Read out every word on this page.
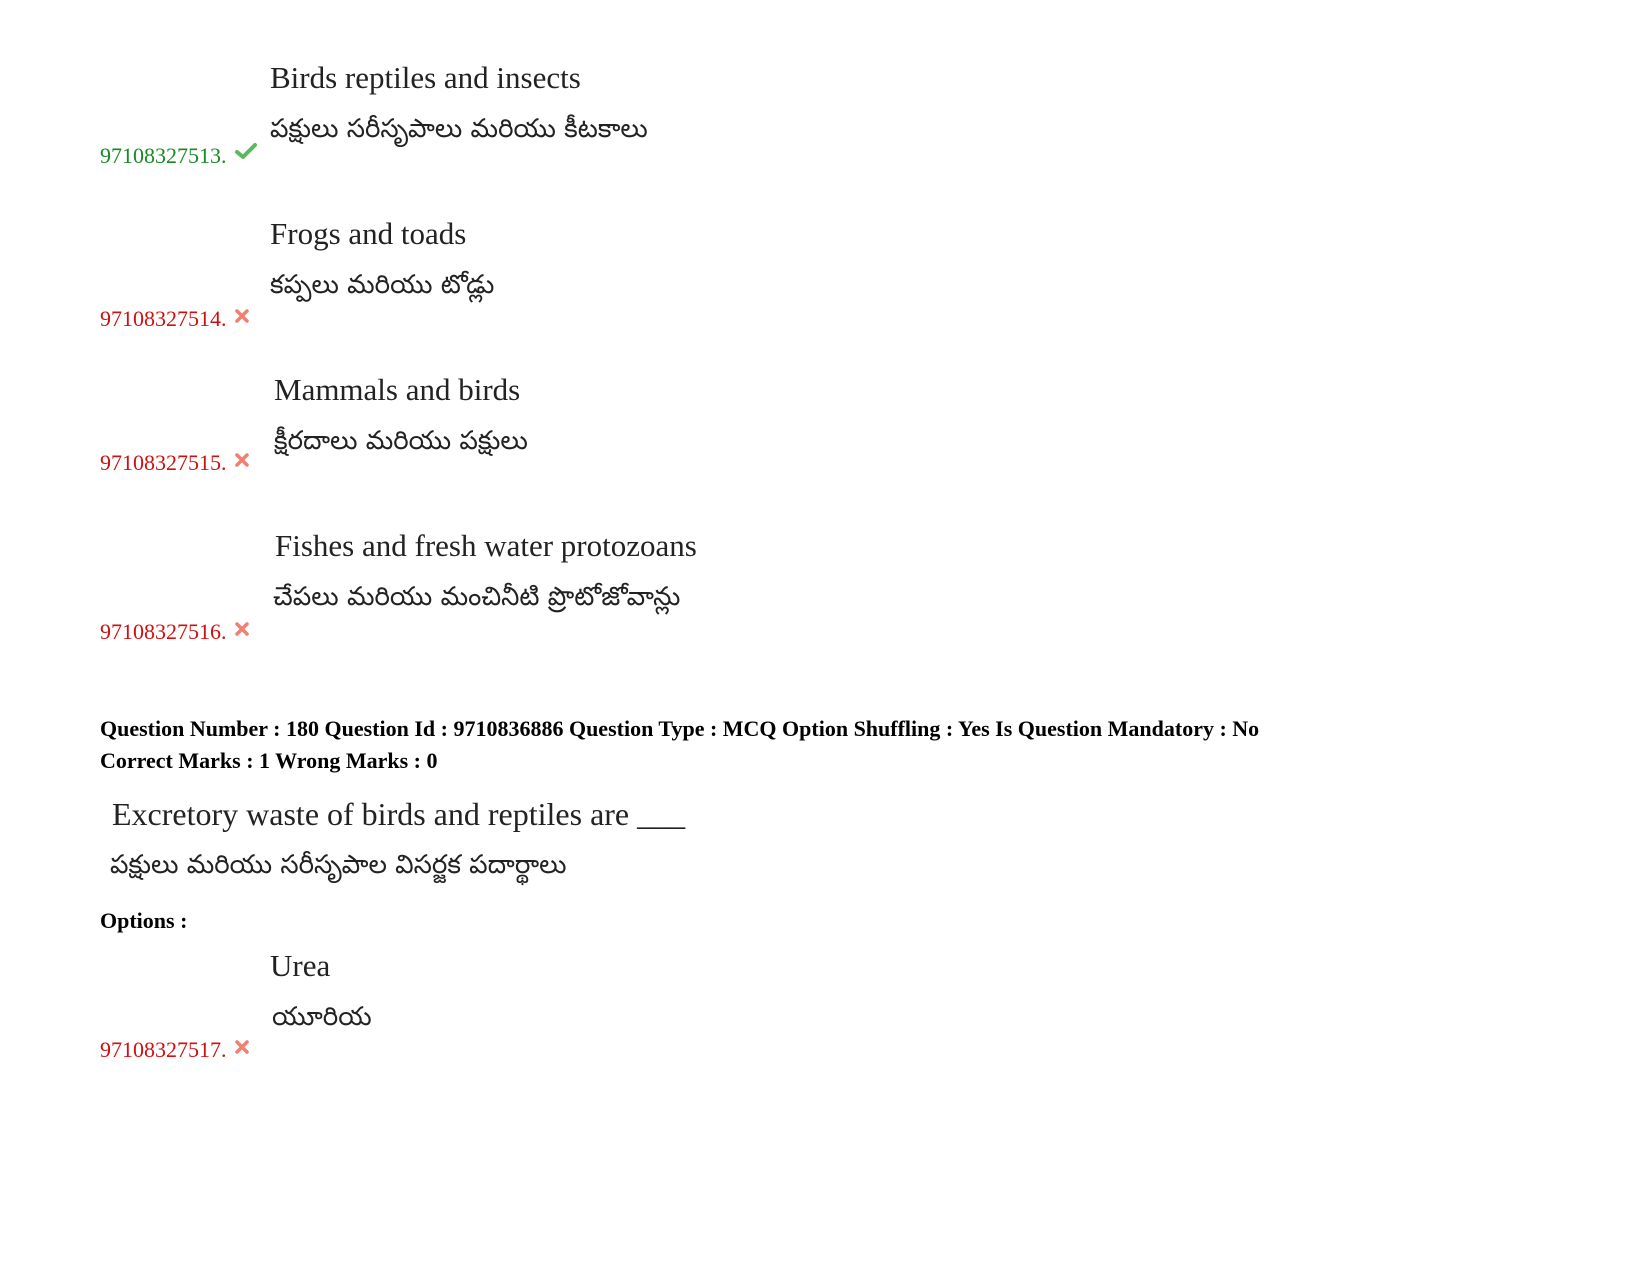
Birds reptiles and insects
పక్షులు సరీసృపాలు మరియు కీటకాలు
97108327513.
Frogs and toads
కప్పలు మరియు టోడ్లు
97108327514.
Mammals and birds
క్షీరదాలు మరియు పక్షులు
97108327515.
Fishes and fresh water protozoans
చేపలు మరియు మంచినీటి ప్రొటోజోవాన్లు
97108327516.
Question Number : 180 Question Id : 9710836886 Question Type : MCQ Option Shuffling : Yes Is Question Mandatory : No
Correct Marks : 1 Wrong Marks : 0
Excretory waste of birds and reptiles are ___
పక్షులు మరియు సరీసృపాల విసర్జక పదార్థాలు
Options :
Urea
యూరియ
97108327517.
